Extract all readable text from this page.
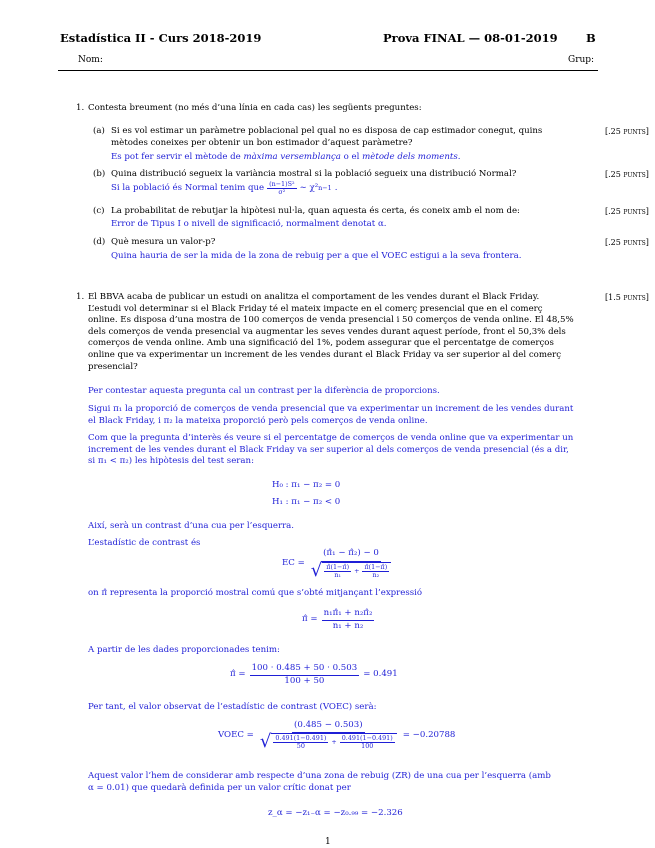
Estadística II - Curs 2018-2019	Prova FINAL — 08-01-2019 B
Nom:	Grup:
1. Contesta breument (no més d’una línia en cada cas) les següents preguntes:
(a) Si es vol estimar un paràmetre poblacional pel qual no es disposa de cap estimador conegut, quins
mètodes coneixes per obtenir un bon estimador d’aquest paràmetre?
Es pot fer servir el mètode de màxima versemblança o el mètode dels moments.
[.25 punts]
(b) Quina distribució segueix la variància mostral si la població segueix una distribució Normal?
Si la població és Normal tenim que $\frac{\text{(n−1)S²}}{\text{σ²}}$ ∼ χ² n−1 .
[.25 punts]
(c) La probabilitat de rebutjar la hipòtesi nul·la, quan aquesta és certa, és coneix amb el nom de:
Error de Tipus I o nivell de significació, normalment denotat α.
[.25 punts]
(d) Què mesura un valor-p?
Quina hauria de ser la mida de la zona de rebuig per a que el VOEC estigui a la seva frontera.
[.25 punts]
1.	[1.5 punts]
El BBVA acaba de publicar un estudi on analitza el comportament de les vendes durant el Black Friday.
L’estudi vol determinar si el Black Friday té el mateix impacte en el comerç presencial que en el comerç
online. Es disposa d’una mostra de 100 comerços de venda presencial i 50 comerços de venda online. El 48,5%
dels comerços de venda presencial va augmentar les seves vendes durant aquest període, front el 50,3% dels
comerços de venda online. Amb una significació del 1%, podem assegurar que el percentatge de comerços
online que va experimentar un increment de les vendes durant el Black Friday va ser superior al del comerç
presencial?
Per contestar aquesta pregunta cal un contrast per la diferència de proporcions.
Sigui π₁ la proporció de comerços de venda presencial que va experimentar un increment de les vendes durant
el Black Friday, i π₂ la mateixa proporció però pels comerços de venda online.
Com que la pregunta d’interès és veure si el percentatge de comerços de venda online que va experimentar un
increment de les vendes durant el Black Friday va ser superior al dels comerços de venda presencial (és a dir,
si π₁ < π₂) les hipòtesis del test seran:
H₀ : π₁ − π₂ = 0
H₁ : π₁ − π₂ < 0
Així, serà un contrast d’una cua per l’esquerra.
L’estadístic de contrast és
EC = $\frac{\text{(π̂₁ − π̂₂) − 0}}{√ \frac{\pî(1-\pî)}{\text{n₁}} + \frac{\pî(1-\pî)}{\text{n₂}}}$
on π̂ representa la proporció mostral comú que s’obté mitjançant l’expressió
π̂ = $\frac{\text{n₁π̂₁ + n₂π̂₂}}{\text{n₁ + n₂}}$
A partir de les dades proporcionades tenim:
π̂ = $\frac{100 \cdot 0.485 + 50 \cdot 0.503}{100 + 50} = 0.491$
Per tant, el valor observat de l’estadístic de contrast (VOEC) serà:
VOEC =
(0.485 − 0.503)
√ $\frac{0.491(1-0.491)}{50} + \frac{0.491(1-0.491)}{100}$
= −0.20788
Aquest valor l’hem de considerar amb respecte d’una zona de rebuig (ZR) de una cua per l’esquerra (amb
α = 0.01) que quedarà definida per un valor crític donat per
z_α = −z₁₋α = −z₀.₉₉ = −2.326
1
